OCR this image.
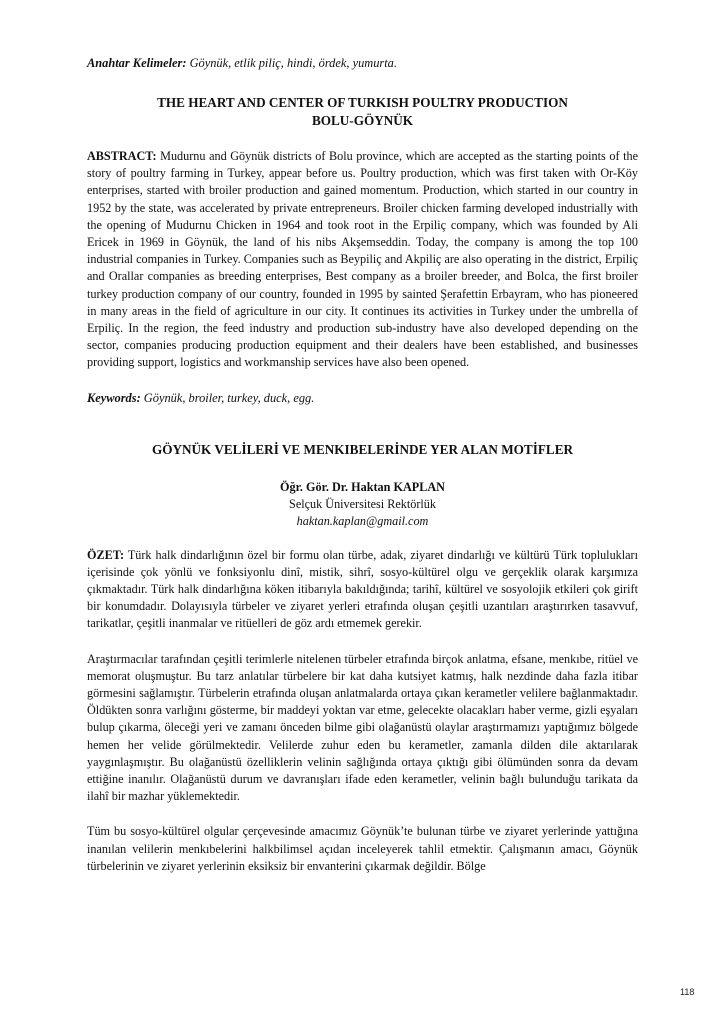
Anahtar Kelimeler: Göynük, etlik piliç, hindi, ördek, yumurta.

THE HEART AND CENTER OF TURKISH POULTRY PRODUCTION
BOLU-GÖYNÜK

ABSTRACT: Mudurnu and Göynük districts of Bolu province, which are accepted as the starting points of the story of poultry farming in Turkey, appear before us. Poultry production, which was first taken with Or-Köy enterprises, started with broiler production and gained momentum. Production, which started in our country in 1952 by the state, was accelerated by private entrepreneurs. Broiler chicken farming developed industrially with the opening of Mudurnu Chicken in 1964 and took root in the Erpiliç company, which was founded by Ali Ericek in 1969 in Göynük, the land of his nibs Akşemseddin. Today, the company is among the top 100 industrial companies in Turkey. Companies such as Beypiliç and Akpiliç are also operating in the district, Erpiliç and Orallar companies as breeding enterprises, Best company as a broiler breeder, and Bolca, the first broiler turkey production company of our country, founded in 1995 by sainted Şerafettin Erbayram, who has pioneered in many areas in the field of agriculture in our city. It continues its activities in Turkey under the umbrella of Erpiliç. In the region, the feed industry and production sub-industry have also developed depending on the sector, companies producing production equipment and their dealers have been established, and businesses providing support, logistics and workmanship services have also been opened.

Keywords: Göynük, broiler, turkey, duck, egg.

GÖYNÜK VELİLERİ VE MENKIBELERİNDE YER ALAN MOTİFLER
Öğr. Gör. Dr. Haktan KAPLAN
Selçuk Üniversitesi Rektörlük
haktan.kaplan@gmail.com

ÖZET: Türk halk dindarlığının özel bir formu olan türbe, adak, ziyaret dindarlığı ve kültürü Türk toplulukları içerisinde çok yönlü ve fonksiyonlu dinî, mistik, sihrî, sosyo-kültürel olgu ve gerçeklik olarak karşımıza çıkmaktadır. Türk halk dindarlığına köken itibarıyla bakıldığında; tarihî, kültürel ve sosyolojik etkileri çok girift bir konumdadır. Dolayısıyla türbeler ve ziyaret yerleri etrafında oluşan çeşitli uzantıları araştırırken tasavvuf, tarikatlar, çeşitli inanmalar ve ritüelleri de göz ardı etmemek gerekir.

Araştırmacılar tarafından çeşitli terimlerle nitelenen türbeler etrafında birçok anlatma, efsane, menkıbe, ritüel ve memorat oluşmuştur. Bu tarz anlatılar türbelere bir kat daha kutsiyet katmış, halk nezdinde daha fazla itibar görmesini sağlamıştır. Türbelerin etrafında oluşan anlatmalarda ortaya çıkan kerametler velilere bağlanmaktadır. Öldükten sonra varlığını gösterme, bir maddeyi yoktan var etme, gelecekte olacakları haber verme, gizli eşyaları bulup çıkarma, öleceği yeri ve zamanı önceden bilme gibi olağanüstü olaylar araştırmamızı yaptığımız bölgede hemen her velide görülmektedir. Velilerde zuhur eden bu kerametler, zamanla dilden dile aktarılarak yaygınlaşmıştır. Bu olağanüstü özelliklerin velinin sağlığında ortaya çıktığı gibi ölümünden sonra da devam ettiğine inanılır. Olağanüstü durum ve davranışları ifade eden kerametler, velinin bağlı bulunduğu tarikata da ilahî bir mazhar yüklemektedir.

Tüm bu sosyo-kültürel olgular çerçevesinde amacımız Göynük’te bulunan türbe ve ziyaret yerlerinde yattığına inanılan velilerin menkıbelerini halkbilimsel açıdan inceleyerek tahlil etmektir. Çalışmanın amacı, Göynük türbelerinin ve ziyaret yerlerinin eksiksiz bir envanterini çıkarmak değildir. Bölge

118
